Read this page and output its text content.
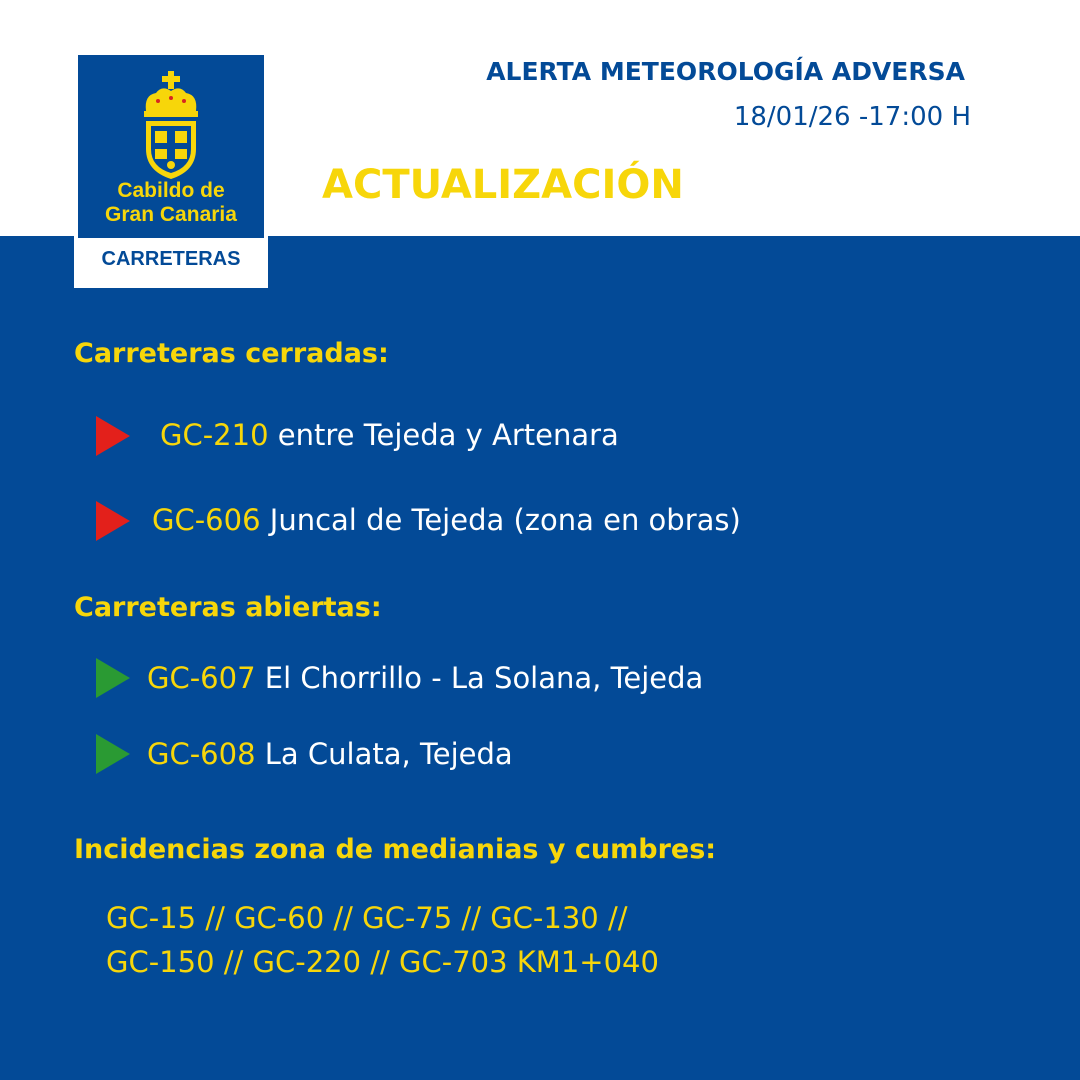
Cabildo de
Gran Canaria
CARRETERAS
ALERTA METEOROLOGÍA ADVERSA
18/01/26 -17:00 H
ACTUALIZACIÓN
Carreteras cerradas:
GC-210 entre Tejeda y Artenara
GC-606 Juncal de Tejeda (zona en obras)
Carreteras abiertas:
GC-607 El Chorrillo - La Solana, Tejeda
GC-608 La Culata, Tejeda
Incidencias zona de medianias y cumbres:
GC-15 // GC-60 // GC-75 // GC-130 //
GC-150 // GC-220 // GC-703 KM1+040
